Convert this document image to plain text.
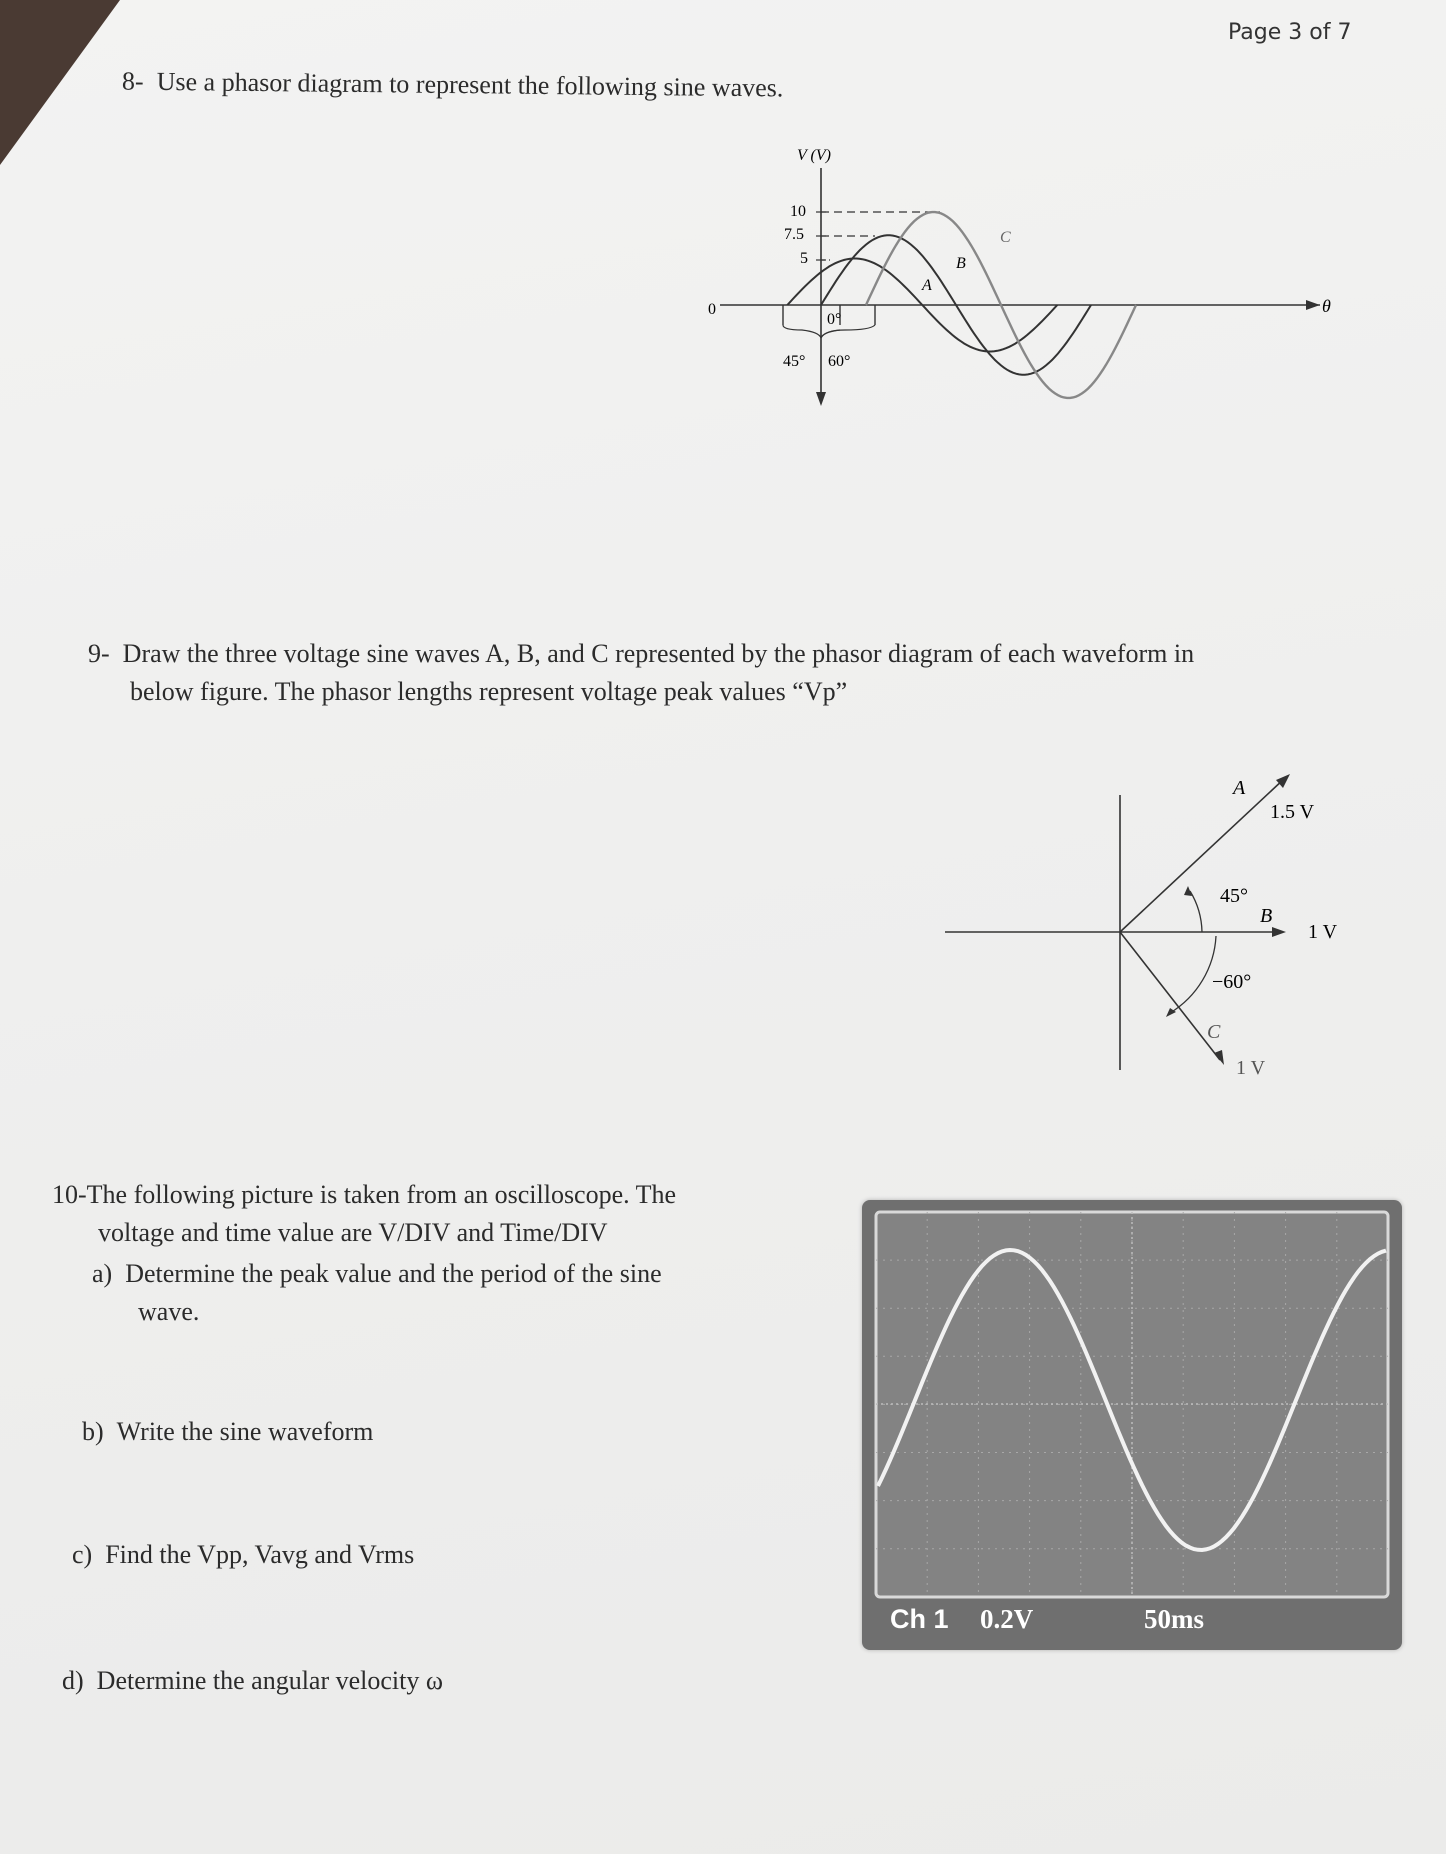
Page 3 of 7
8- Use a phasor diagram to represent the following sine waves.
V (V)
θ
0
10
7.5
5
0°
45° 60°
A
B
C
9- Draw the three voltage sine waves A, B, and C represented by the phasor diagram of each waveform in
below figure. The phasor lengths represent voltage peak values “Vp”
A
1.5 V
45°
B
1 V
−60°
C
1 V
10-The following picture is taken from an oscilloscope. The
voltage and time value are V/DIV and Time/DIV
a) Determine the peak value and the period of the sine
wave.
b) Write the sine waveform
c) Find the Vpp, Vavg and Vrms
d) Determine the angular velocity ω
Ch 1 0.2V	50ms
